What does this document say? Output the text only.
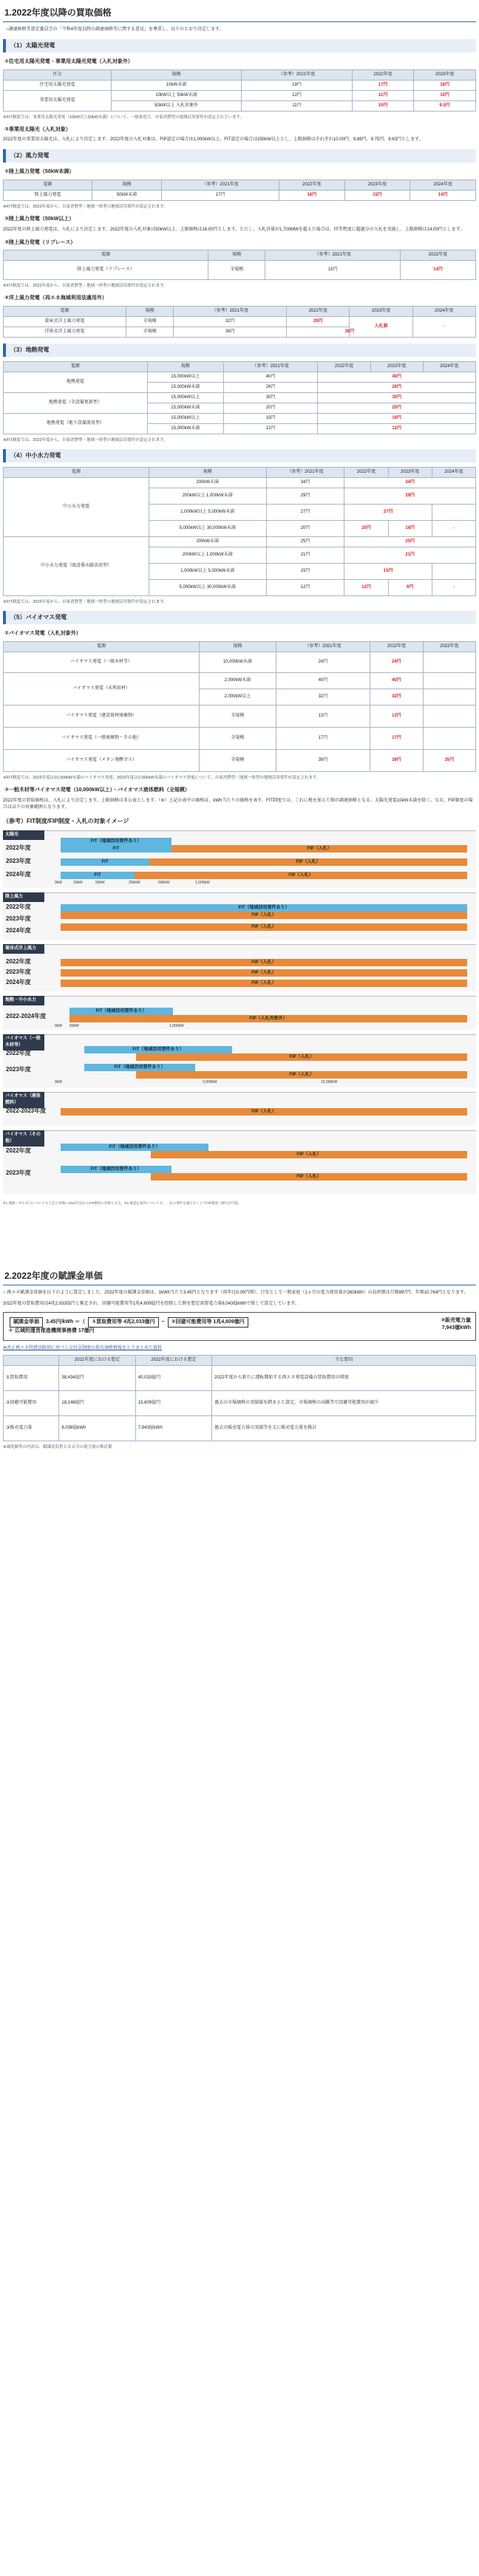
1.2022年度以降の買取価格
○調達価格等算定委員会の「令和4年度以降の調達価格等に関する意見」を尊重し、以下のとおり決定します。
（1）太陽光発電
①住宅用太陽光発電・事業用太陽光発電（入札対象外）
区分	規模	（参考）2021年度	2022年度	2023年度
住宅用太陽光発電	10kW未満	19円	17円	16円
事業用太陽光発電	10kW以上 50kW未満	12円	11円	10円
	50kW以上 入札対象外	11円	10円	9.5円
※FIT制度では、事業用太陽光発電（10kW以上50kW未満）について、一般家庭で、自家消費型の地域活用要件が設定されています。
②事業用太陽光（入札対象）
2022年度の事業用太陽光は、入札により決定します。2022年度の入札対象は、FIP認定の場合は1,000kW以上、FIT認定の場合は250kW以上とし、上限価格はそれぞれ10.00円、9.88円、9.75円、9.63円とします。
（2）風力発電
①陸上風力発電（50kW未満）
電源	規模	（参考）2021年度	2022年度	2023年度	2024年度
陸上風力発電	50kW未満	17円	16円	15円	14円
※FIT制度では、2023年度から、自家消費型・地域一体型の地域活用要件が設定されます。
②陸上風力発電（50kW以上）
2022年度の陸上風力発電は、入札により決定します。2022年度の入札対象は50kW以上、上限価格は16.00円とします。ただし、入札容量が1,700MWを超えた場合は、同等程度に超過分の入札を実施し、上限価格は14.00円とします。
③陸上風力発電（リプレース）
電源	規模	（参考）2021年度	2022年度
陸上風力発電（リプレース）	全規模	15円	14円
※FIT制度では、2022年度から、自家消費型・地域一体型の地域活用要件が設定されます。
④洋上風力発電（再エネ海域利用法適用外）
電源	規模	（参考）2021年度	2022年度	2023年度	2024年度
着床式洋上風力発電	全規模	32円	29円	入札制	-
浮体式洋上風力発電	全規模	36円	36円		
（3）地熱発電
電源	規模	（参考）2021年度	2022年度	2023年度	2024年度
地熱発電	15,000kW以上	40円	40円		
	15,000kW未満	26円	26円		
地熱発電（全設備更新型）	15,000kW以上	30円	30円		
	15,000kW未満	20円	20円		
地熱発電（地下設備流用型）	15,000kW以上	19円	19円		
	15,000kW未満	12円	12円		
※FIT制度では、2022年度から、自家消費型・地域一体型の地域活用要件が設定されます。
（4）中小水力発電
電源	規模	（参考）2021年度	2022年度	2023年度	2024年度
中小水力発電	200kW未満	34円	34円		
	200kW以上 1,000kW未満	29円	29円		
	1,000kW以上 5,000kW未満	27円	27円		
	5,000kW以上 30,000kW未満	20円	20円	16円	-
中小水力発電（既設導水路活用型）	200kW未満	25円	25円		
	200kW以上 1,000kW未満	21円	21円		
	1,000kW以上 5,000kW未満	15円	15円		
	5,000kW以上 30,000kW未満	12円	12円	9円	-
※FIT制度では、2022年度から、自家消費型・地域一体型の地域活用要件が設定されます。
（5）バイオマス発電
①バイオマス発電（入札対象外）
電源	規模	（参考）2021年度	2022年度	2023年度
バイオマス発電（一般木材等）	10,000kW未満	24円	24円	
バイオマス発電（未利用材）	2,000kW未満	40円	40円	
	2,000kW以上	32円	32円	
バイオマス発電（建設資材廃棄物）	全規模	13円	13円	
バイオマス発電（一般廃棄物・その他）	全規模	17円	17円	
バイオマス発電（メタン発酵ガス）	全規模	39円	39円	35円
※FIT制度では、2022年度は10,000kW未満のバイオマス発電、2023年度は2,000kW未満のバイオマス発電について、自家消費型・地域一体型の地域活用要件が設定されます。
②一般木材等バイオマス発電（10,000kW以上）・バイオマス液体燃料（全規模）
2022年度の買取価格は、入札により決定します。上限価格は非公表とします。（※）上記の表中の価格は、kWh当たりの価格を表す。FIT制度では、これに税を加えた額が調達価格となる。太陽光発電10kW未満を除く。なお、FIP制度の場合は以下の対象範囲となります。
（参考）FIT制度/FIP制度・入札の対象イメージ
太陽光
2022年度
2023年度
2024年度
FIT（地域活用要件あり）
FIT	FIP（入札）
FIT	FIP（入札）
FIT	FIP（入札）
0kW	10kW	50kW	250kW	500kW	1,000kW
陸上風力
2022年度
2023年度
2024年度
FIT（地域活用要件あり）
FIP（入札）
FIP（入札）
着床式洋上風力
2022年度
2023年度
2024年度
FIP（入札）
FIP（入札）
FIP（入札）
地熱・中小水力
2022-2024年度
FIT（地域活用要件あり）
FIP（入札対象外）
0kW 50kW	1,000kW
バイオマス（一般木材等）
2022年度
2023年度
FIT（地域活用要件あり）
FIP（入札）
FIT（地域活用要件あり）
FIP（入札）
0kW	2,000kW	10,000kW
バイオマス（液体燃料）
2022-2023年度	FIP（入札）
バイオマス（その他）
2022年度
2023年度
FIT（地域活用要件あり）
FIP（入札）
FIT（地域活用要件あり）
FIP（入札）
※1 地熱・中小水力についても上記と同様に2022年度からFIP制度の対象となる。※2 既認定案件についても、一定の要件を満たすことでFIP制度へ移行が可能。
2.2022年度の賦課金単価
○ 再エネ賦課金単価を以下のように算定しました。2022年度の賦課金単価は、1kWh当たり3.45円となります（前年比0.09円増）。目安として一般家庭（1ヵ月の電力使用量が260kWh）の負担額は月額897円、年額10,764円となります。
2022年度の買取費用は4兆2,033億円と推定され、回避可能費用等1兆4,609億円を控除した額を想定需要電力量8,043億kWhで除して算定しています。
賦課金単価 3.45円/kWh ＝（ ①買取費用等 4兆2,033億円 − ②回避可能費用等 1兆4,609億円	③販売電力量
7,943億kWh
＋ 広域的運営推進機関事務費 17億円
※改正再エネ特措法附則に基づく交付金制度の保有価格情報をとりまとめた資料
	2021年度における想定	2022年度における想定	主な要因
①買取費用	38,434億円	40,033億円	2022年度から新たに運転開始する再エネ発電設備の買取費用の増加
②回避可能費用	18,148億円	15,609億円	過去の市場価格の実績値を踏まえた算定。市場価格の高騰等で回避可能費用が減少
③販売電力量	8,036億kWh	7,943億kWh	過去の販売電力量の実績等を元に販売電力量を推計
※減免額等の内訳は、賦課金負担となる分の電力量の推計値
